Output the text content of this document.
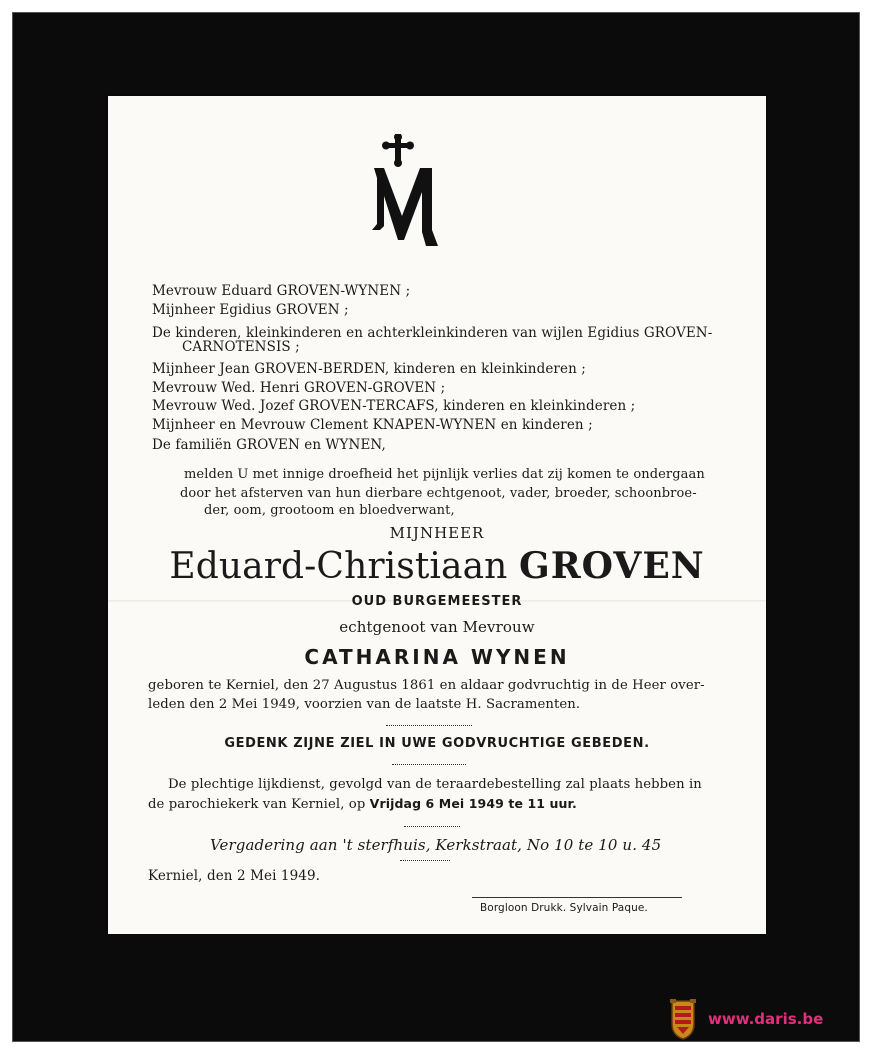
Mevrouw Eduard GROVEN-WYNEN ;
Mijnheer Egidius GROVEN ;
De kinderen, kleinkinderen en achterkleinkinderen van wijlen Egidius GROVEN-
CARNOTENSIS ;
Mijnheer Jean GROVEN-BERDEN, kinderen en kleinkinderen ;
Mevrouw Wed. Henri GROVEN-GROVEN ;
Mevrouw Wed. Jozef GROVEN-TERCAFS, kinderen en kleinkinderen ;
Mijnheer en Mevrouw Clement KNAPEN-WYNEN en kinderen ;
De familiën GROVEN en WYNEN,
melden U met innige droefheid het pijnlijk verlies dat zij komen te ondergaan
door het afsterven van hun dierbare echtgenoot, vader, broeder, schoonbroe-
der, oom, grootoom en bloedverwant,
MIJNHEER
Eduard-Christiaan GROVEN
OUD BURGEMEESTER
echtgenoot van Mevrouw
CATHARINA WYNEN
geboren te Kerniel, den 27 Augustus 1861 en aldaar godvruchtig in de Heer over-
leden den 2 Mei 1949, voorzien van de laatste H. Sacramenten.
GEDENK ZIJNE ZIEL IN UWE GODVRUCHTIGE GEBEDEN.
De plechtige lijkdienst, gevolgd van de teraardebestelling zal plaats hebben in
de parochiekerk van Kerniel, op Vrijdag 6 Mei 1949 te 11 uur.
Vergadering aan 't sterfhuis, Kerkstraat, No 10 te 10 u. 45
Kerniel, den 2 Mei 1949.
Borgloon Drukk. Sylvain Paque.
www.daris.be
